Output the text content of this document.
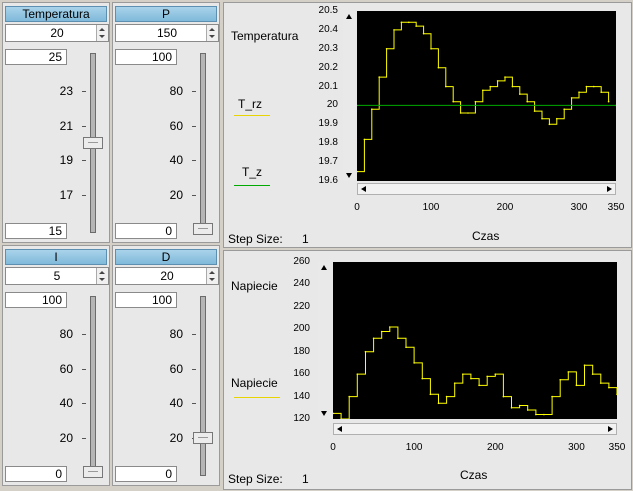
Temperatura
20
25
15
23
21
19
17
P
150
100
0
80
60
40
20
I
5
100
0
80
60
40
20
D
20
100
0
80
60
40
20
Temperatura
T_rz
T_z
20.5
20.4
20.3
20.2
20.1
20
19.9
19.8
19.7
19.6
0	100	200	300	350
Step Size: 1	Czas
Napiecie
Napiecie
260
240
220
200
180
160
140
120
0	100	200	300	350
Step Size: 1	Czas
